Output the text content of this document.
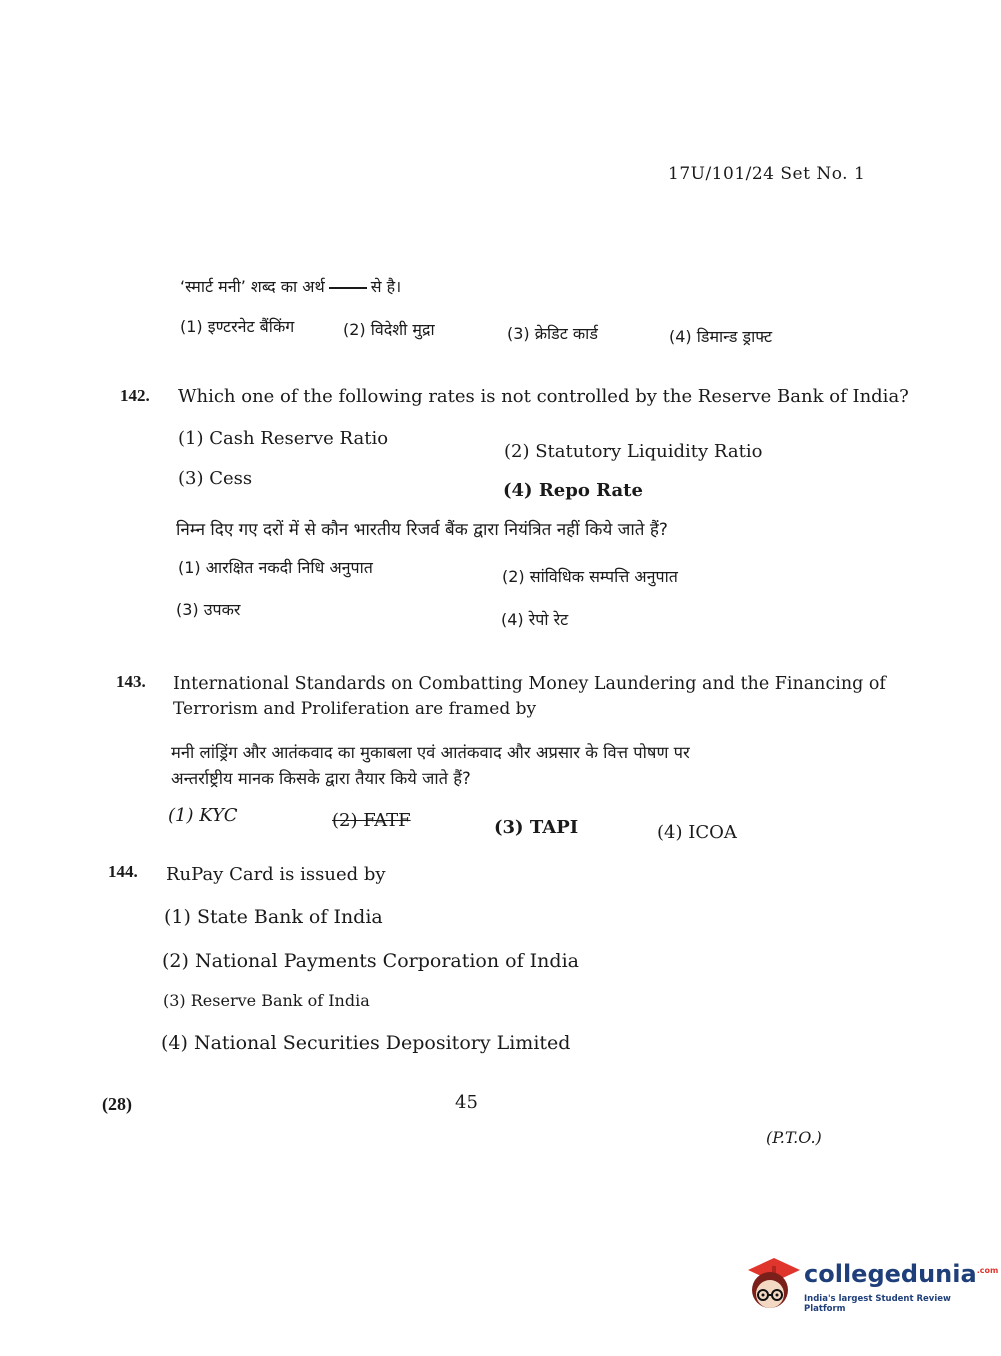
17U/101/24 Set No. 1
‘स्मार्ट मनी’ शब्द का अर्थ	से है।
(1) इण्टरनेट बैंकिंग	(2) विदेशी मुद्रा	(3) क्रेडिट कार्ड	(4) डिमान्ड ड्राफ्ट
142. Which one of the following rates is not controlled by the Reserve Bank of India?
(1) Cash Reserve Ratio
(2) Statutory Liquidity Ratio
(3) Cess
(4) Repo Rate
निम्न दिए गए दरों में से कौन भारतीय रिजर्व बैंक द्वारा नियंत्रित नहीं किये जाते हैं?
(1) आरक्षित नकदी निधि अनुपात	(2) सांविधिक सम्पत्ति अनुपात
(3) उपकर
(4) रेपो रेट
143. International Standards on Combatting Money Laundering and the Financing of
Terrorism and Proliferation are framed by
मनी लांड्रिंग और आतंकवाद का मुकाबला एवं आतंकवाद और अप्रसार के वित्त पोषण पर
अन्तर्राष्ट्रीय मानक किसके द्वारा तैयार किये जाते हैं?
(1) KYC	(2) FATF	(3) TAPI	(4) ICOA
144. RuPay Card is issued by
(1) State Bank of India
(2) National Payments Corporation of India
(3) Reserve Bank of India
(4) National Securities Depository Limited
(28)	45
(P.T.O.)
collegedunia$^{.com}$
India's largest Student Review Platform
